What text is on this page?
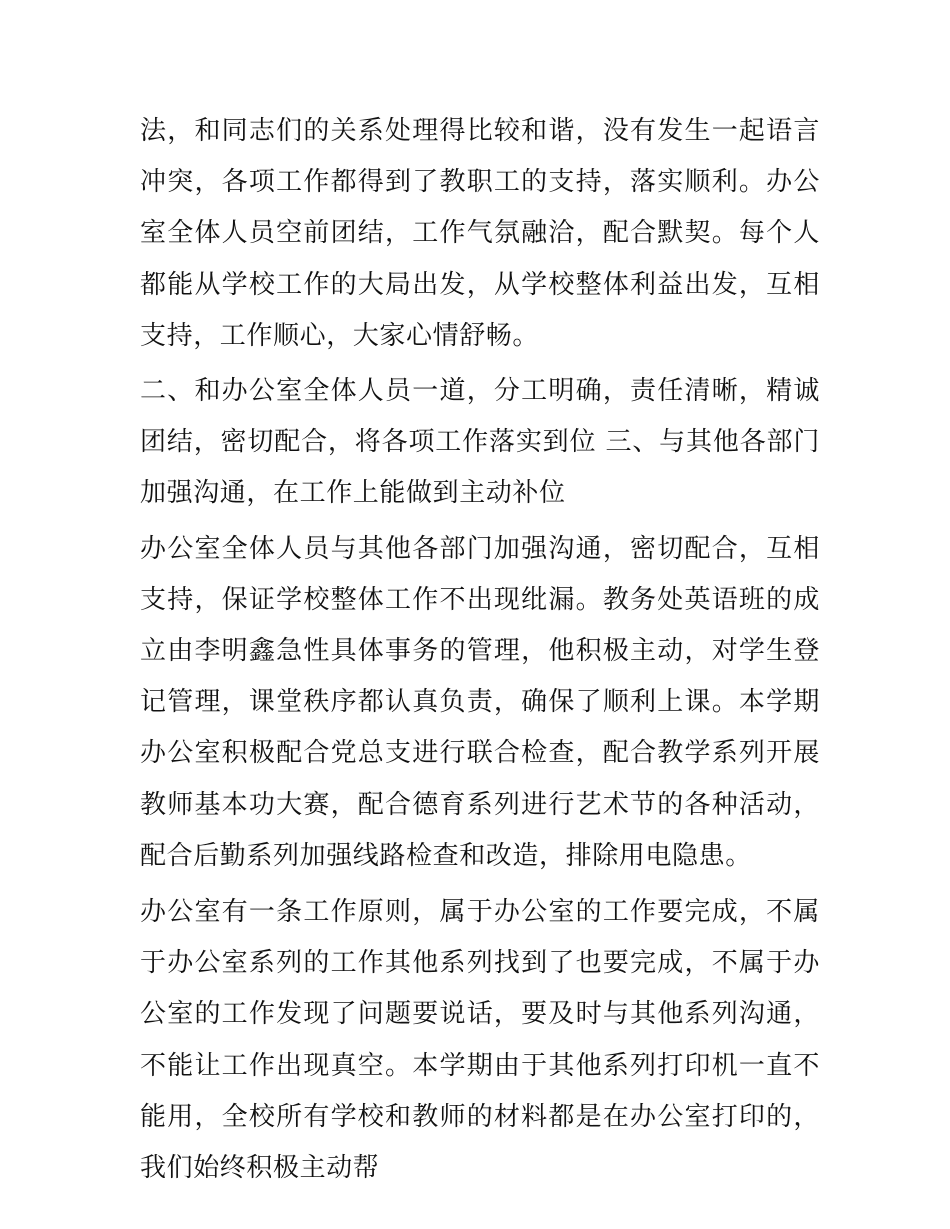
法，和同志们的关系处理得比较和谐，没有发生一起语言冲突，各项工作都得到了教职工的支持，落实顺利。办公室全体人员空前团结，工作气氛融洽，配合默契。每个人都能从学校工作的大局出发，从学校整体利益出发，互相支持，工作顺心，大家心情舒畅。

二、和办公室全体人员一道，分工明确，责任清晰，精诚团结，密切配合，将各项工作落实到位 三、与其他各部门加强沟通，在工作上能做到主动补位

办公室全体人员与其他各部门加强沟通，密切配合，互相支持，保证学校整体工作不出现纰漏。教务处英语班的成立由李明鑫急性具体事务的管理，他积极主动，对学生登记管理，课堂秩序都认真负责，确保了顺利上课。本学期办公室积极配合党总支进行联合检查，配合教学系列开展教师基本功大赛，配合德育系列进行艺术节的各种活动，配合后勤系列加强线路检查和改造，排除用电隐患。

办公室有一条工作原则，属于办公室的工作要完成，不属于办公室系列的工作其他系列找到了也要完成，不属于办公室的工作发现了问题要说话，要及时与其他系列沟通，不能让工作出现真空。本学期由于其他系列打印机一直不能用，全校所有学校和教师的材料都是在办公室打印的，我们始终积极主动帮
